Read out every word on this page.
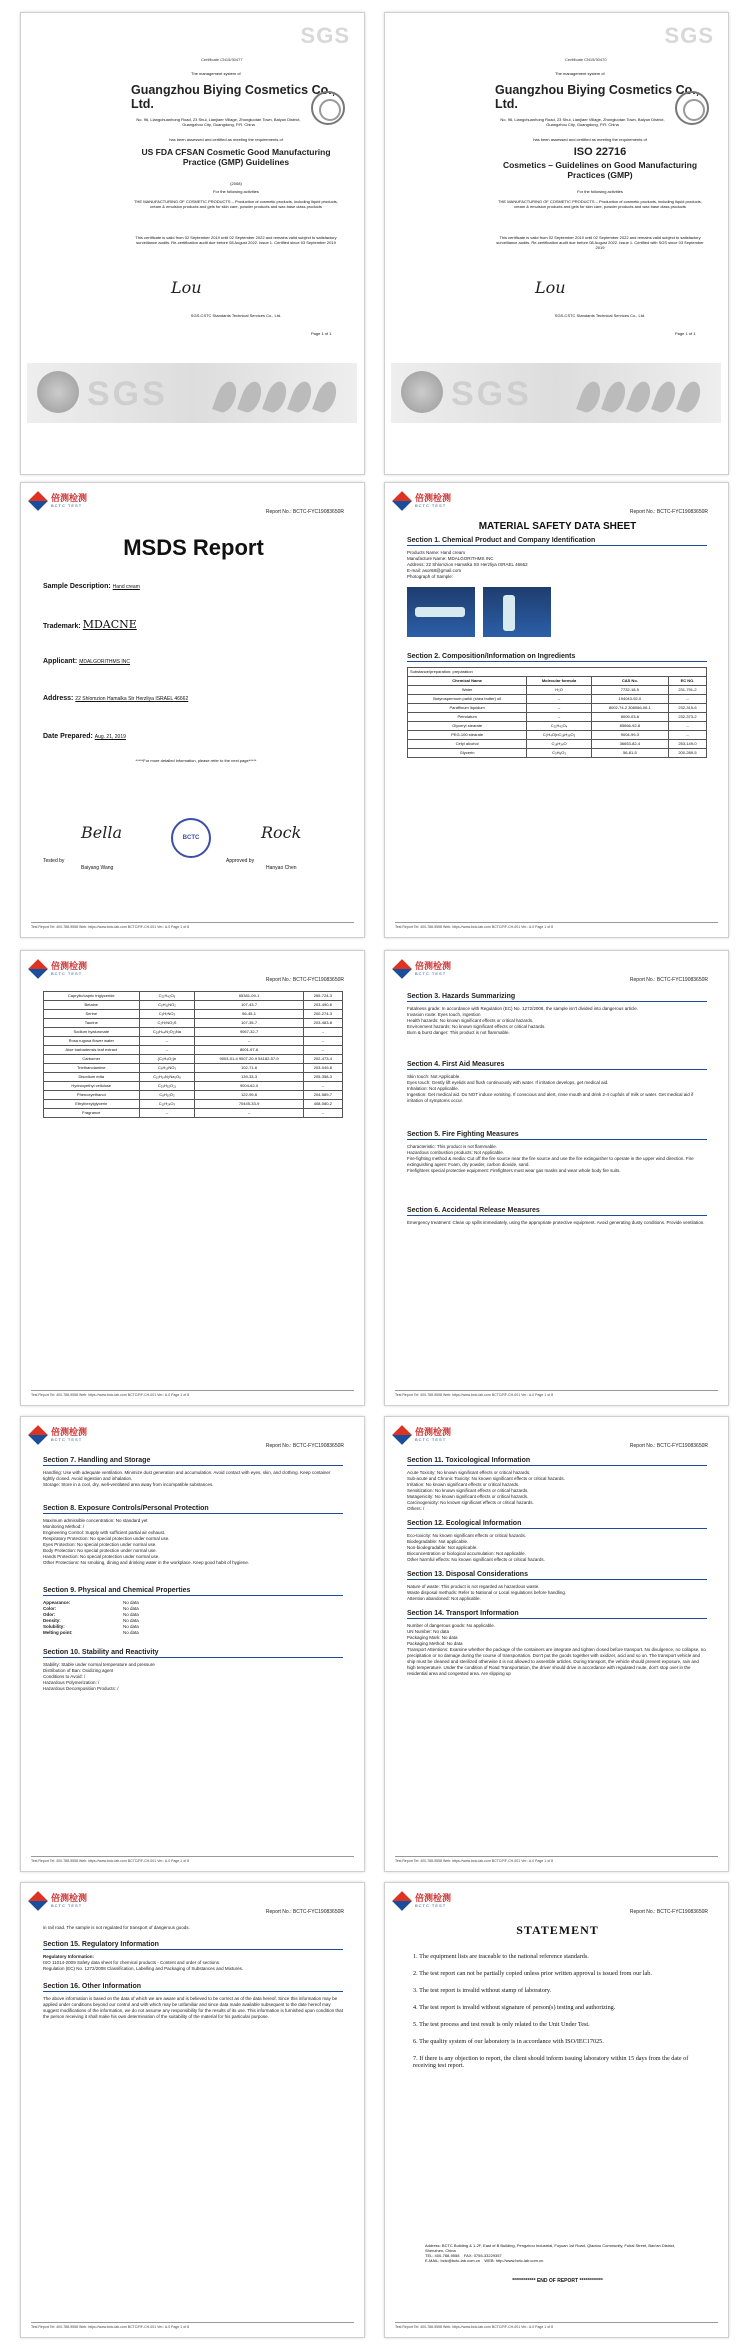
SGS
Certificate CN15/30477
The management system of
Guangzhou Biying Cosmetics Co., Ltd.
No. 96, Liangchuanhong Road, 23 Shui, Lianjiaer Village, Zhongluotan Town, Baiyun District, Guangzhou City, Guangdong, P.R. China
has been assessed and certified as meeting the requirements of
US FDA CFSAN Cosmetic Good Manufacturing Practice (GMP) Guidelines
(2008)
For the following activities
THE MANUFACTURING OF COSMETIC PRODUCTS – Production of cosmetic products, including liquid products, cream & emulsion products and gels for skin care, powder products and wax base class products
This certificate is valid from 02 September 2019 until 02 September 2022 and remains valid subject to satisfactory surveillance audits. Re-certification audit due before 08 August 2022. Issue 1. Certified since 03 September 2019
Lou
SGS-CSTC Standards Technical Services Co., Ltd.
Page 1 of 1
SGS
SGS
Certificate CN15/30470
The management system of
Guangzhou Biying Cosmetics Co., Ltd.
No. 96, Liangchuanhong Road, 23 Shui, Lianjiaer Village, Zhongluotan Town, Baiyun District, Guangzhou City, Guangdong, P.R. China
has been assessed and certified as meeting the requirements of
ISO 22716
Cosmetics – Guidelines on Good Manufacturing Practices (GMP)
For the following activities
THE MANUFACTURING OF COSMETIC PRODUCTS – Production of cosmetic products, including liquid products, cream & emulsion products and gels for skin care, powder products and wax base class products
This certificate is valid from 02 September 2019 until 02 September 2022 and remains valid subject to satisfactory surveillance audits. Re-certification audit due before 08 August 2022. Issue 1. Certified with SGS since 03 September 2019
Lou
SGS-CSTC Standards Technical Services Co., Ltd.
Page 1 of 1
SGS
倍测检测
BCTC TEST
Report No.: BCTC-FYC19083650R
MSDS Report
Sample Description: Hand cream
Trademark: MDACNE
Applicant: MDALGORITHMS INC
Address: 22 Shlomzion Hamalka Str Herzliya ISRAEL 46662
Date Prepared: Aug. 21, 2019
*****For more detailed information, please refer to the next page*****
Bella
Tested by
Baiyang Wang
BCTC	Rock
Approved by
Hanyao Chen
Test Report Tel: 400-788-9558 Web: https://www.bctc-lab.com BCTC/RF-CH-001 Ver.: A.0 Page 1 of 8
倍测检测
BCTC TEST
Report No.: BCTC-FYC19083650R
MATERIAL SAFETY DATA SHEET
Section 1. Chemical Product and Company Identification
Products Name: Hand cream
Manufacture Name: MDALGORITHMS INC
Address: 22 Shlomzion Hamalka Str Herzliya ISRAEL 46662
E-mail: asor68@gmail.com
Photograph of Sample:
Section 2. Composition/Information on Ingredients
Substance/preparation: preparation			
Chemical Name	Molecular formula	CAS No.	EC NO.
Water	H₂O	7732-18-5	231-791-2
Butyrospermum parkii (shea butter) oil	--	194043-92-0	--
Paraffinum liquidum	--	8002-74-2 308066-06-1	232-315-6
Petrolatum	--	8009-03-8	232-373-2
Glyceryl stearate	C₂₁H₄₂O₄	85666-92-8	--
PEG-100 stearate	C₂H₄O)nC₁₈H₃₆O₂	9004-99-3	--
Cetyl alcohol	C₁₆H₃₄O	36653-82-4	253-149-0
Glycerin	C₃H₈O₃	56-81-5	200-289-5
Test Report Tel: 400-788-9558 Web: https://www.bctc-lab.com BCTC/RF-CH-001 Ver.: A.0 Page 1 of 8
倍测检测
BCTC TEST
Report No.: BCTC-FYC19083650R
Caprylic/capric triglyceride	C₂₁H₄₂O₆	65381-09-1	265-724-3
Betaine	C₅H₁₁NO₂	107-43-7	203-490-6
Serine	C₃H₇NO₃	56-45-1	200-274-3
Taurine	C₂H₇NO₃S	107-35-7	203-483-8
Sodium hyaluronate	C₂₈H₄₄N₂O₂₃Na	9067-32-7	--
Rosa rugosa flower water	--	--	--
Aloe barbadensis leaf extract	--	8001-97-6	--
Carbomer	(C₃H₄O₂)n	9003-01-4 9007-20-9 54182-57-9	202-473-4
Triethanolamine	C₆H₁₅NO₃	102-71-6	203-049-8
Disodium edta	C₁₀H₁₄N₂Na₂O₈	139-33-3	205-358-3
Hydroxyethyl cellulose	C₂₉H₅₂O₂₁	9004-62-0	--
Phenoxyethanol	C₈H₁₀O₂	122-99-6	204-589-7
Ethylhexylglycerin	C₁₁H₂₄O₃	70445-33-9	408-080-2
Fragrance	--	--	--
Test Report Tel: 400-788-9558 Web: https://www.bctc-lab.com BCTC/RF-CH-001 Ver.: A.0 Page 1 of 8
倍测检测
BCTC TEST
Report No.: BCTC-FYC19083650R
Section 3. Hazards Summarizing
Fatalness grade: In accordance with Regulation (EC) No. 1272/2008, the sample isn't divided into dangerous article.
Invasion route: Eyes touch, ingestion
Health hazards: No known significant effects or critical hazards.
Environment hazards: No known significant effects or critical hazards.
Burn & burst danger: This product is not flammable.
Section 4. First Aid Measures
Skin touch: Not Applicable.
Eyes touch: Gently lift eyelids and flush continuously with water. If irritation develops, get medical aid.
Inhalation: Not Applicable.
Ingestion: Get medical aid. Do NOT induce vomiting. If conscious and alert, rinse mouth and drink 2-4 cupfuls of milk or water. Get medical aid if irritation of symptoms occur.
Section 5. Fire Fighting Measures
Characteristic: This product is not flammable.
Hazardous combustion products: Not Applicable.
Fire-fighting method & media: Cut off the fire source near the fire source and use the fire extinguisher to operate in the upper wind direction. Fire extinguishing agent: Foam, dry powder, carbon dioxide, sand.
Firefighters special protective equipment: Firefighters must wear gas masks and wear whole body fire suits.
Section 6. Accidental Release Measures
Emergency treatment: Clean up spills immediately, using the appropriate protective equipment. Avoid generating dusty conditions. Provide ventilation.
Test Report Tel: 400-788-9558 Web: https://www.bctc-lab.com BCTC/RF-CH-001 Ver.: A.0 Page 1 of 8
倍测检测
BCTC TEST
Report No.: BCTC-FYC19083650R
Section 7. Handling and Storage
Handling: Use with adequate ventilation. Minimize dust generation and accumulation. Avoid contact with eyes, skin, and clothing. Keep container tightly closed. Avoid ingestion and inhalation.
Storage: Store in a cool, dry, well-ventilated area away from incompatible substances.
Section 8. Exposure Controls/Personal Protection
Maximum admissible concentration: No standard yet
Monitoring Method: /
Engineering Control: Supply with sufficient partial air exhaust.
Respiratory Protection: No special protection under normal use.
Eyes Protection: No special protection under normal use.
Body Protection: No special protection under normal use.
Hands Protection: No special protection under normal use.
Other Protections: No smoking, dining and drinking water in the workplace. Keep good habit of hygiene.
Section 9. Physical and Chemical Properties
Appearance:	No data
Color:	No data
Odor:	No data
Density:	No data
Solubility:	No data
Melting point:	No data
Section 10. Stability and Reactivity
Stability: Stable under normal temperature and pressure
Distribution of Ban: Oxidizing agent
Conditions to Avoid: /
Hazardous Polymerization: /
Hazardous Decomposition Products: /
Test Report Tel: 400-788-9558 Web: https://www.bctc-lab.com BCTC/RF-CH-001 Ver.: A.0 Page 1 of 8
倍测检测
BCTC TEST
Report No.: BCTC-FYC19083650R
Section 11. Toxicological Information
Acute Toxicity: No known significant effects or critical hazards.
Sub-acute and Chronic Toxicity: No known significant effects or critical hazards.
Irritation: No known significant effects or critical hazards.
Sensitization: No known significant effects or critical hazards.
Mutagenicity: No known significant effects or critical hazards.
Carcinogenicity: No known significant effects or critical hazards.
Others: /
Section 12. Ecological Information
Eco-toxicity: No known significant effects or critical hazards.
Biodegradable: Not applicable.
Non-biodegradable: Not applicable.
Bioconcentration or biological accumulation: Not applicable.
Other harmful effects: No known significant effects or critical hazards.
Section 13. Disposal Considerations
Nature of waste: This product is not regarded as hazardous waste.
Waste disposal methods: Refer to National or Local regulations before handling.
Attention abandoned: Not applicable.
Section 14. Transport Information
Number of dangerous goods: No applicable.
UN Number: No data
Packaging Mark: No data
Packaging Method: No data
Transport Attentions: Examine whether the package of the containers are integrate and tighten closed before transport. No divulgence, no collapse, no precipitation or no damage during the course of transportation. Don't put the goods together with oxidizer, acid and so on. The transport vehicle and ship must be cleaned and sterilized otherwise it is not allowed to assemble articles. During transport, the vehicle should prevent exposure, rain and high temperature. Under the condition of Road Transportation, the driver should drive in accordance with regulated route, don't stop over in the residential area and congested area. Are slipping up
Test Report Tel: 400-788-9558 Web: https://www.bctc-lab.com BCTC/RF-CH-001 Ver.: A.0 Page 1 of 8
倍测检测
BCTC TEST
Report No.: BCTC-FYC19083650R
in rail road. The sample is not regulated for transport of dangerous goods.
Section 15. Regulatory Information
Regulatory Information:
ISO 11014-2009 Safety data sheet for chemical products - Content and order of sections.
Regulation (EC) No. 1272/2008 Classification, Labelling and Packaging of Substances and Mixtures.
Section 16. Other Information
The above information is based on the data of which we are aware and is believed to be correct as of the data hereof. Since this information may be applied under conditions beyond our control and with which may be unfamiliar and since data made available subsequent to the date hereof may suggest modifications of the information, we do not assume any responsibility for the results of its use. This information is furnished upon condition that the person receiving it shall make his own determination of the suitability of the material for his particular purpose.
Test Report Tel: 400-788-9558 Web: https://www.bctc-lab.com BCTC/RF-CH-001 Ver.: A.0 Page 1 of 8
倍测检测
BCTC TEST
Report No.: BCTC-FYC19083650R
STATEMENT
1. The equipment lists are traceable to the national reference standards.
2. The test report can not be partially copied unless prior written approval is issued from our lab.
3. The test report is invalid without stamp of laboratory.
4. The test report is invalid without signature of person(s) testing and authorizing.
5. The test process and test result is only related to the Unit Under Test.
6. The quality system of our laboratory is in accordance with ISO/IEC17025.
7. If there is any objection to report, the client should inform issuing laboratory within 15 days from the date of receiving test report.
Address: BCTC Building & 1-2F, East of B Building, Pengzhou Industrial, Fuyuan 1st Road, Qiaotou Community, Fuhai Street, Bao'an District, Shenzhen, China
TEL: 400-788-9558 FAX: 0755-33229357
E-MAIL: bctc@bctc-lab.com.cn WEB: http://www.bctc-lab.com.cn
************ END OF REPORT ************
Test Report Tel: 400-788-9558 Web: https://www.bctc-lab.com BCTC/RF-CH-001 Ver.: A.0 Page 1 of 8
